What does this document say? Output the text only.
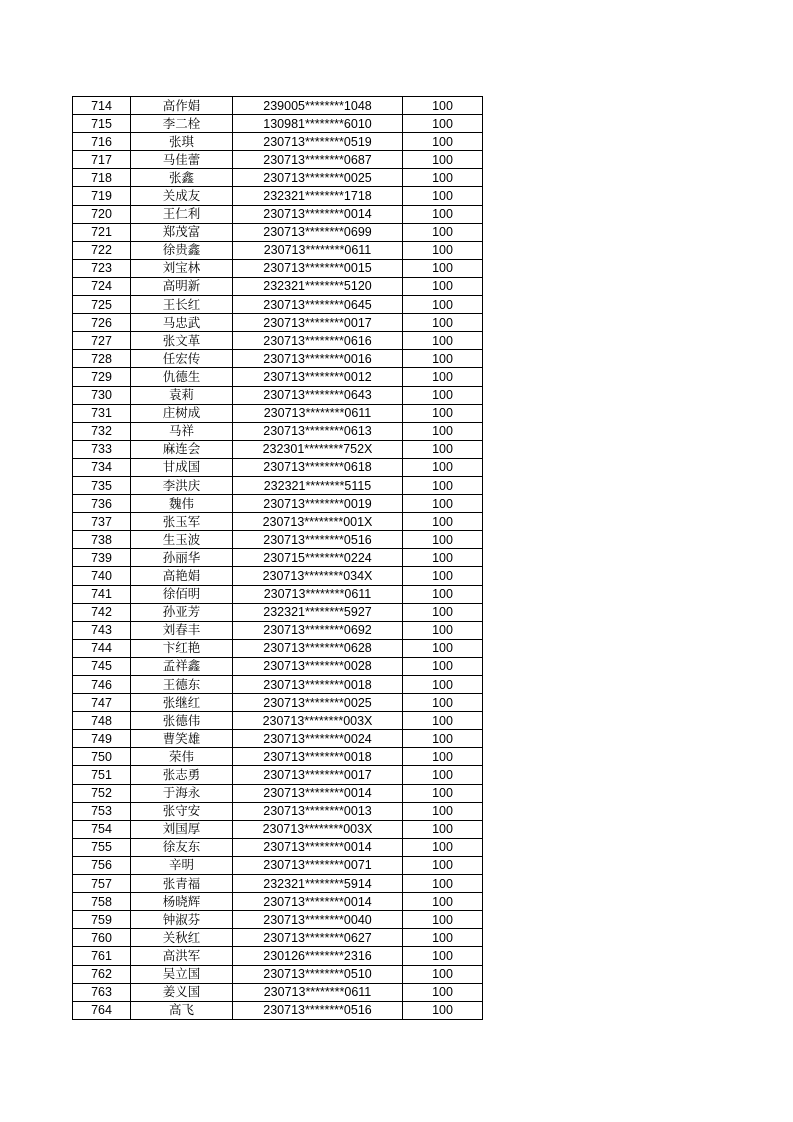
714	高作娟	239005********1048	100
715	李二栓	130981********6010	100
716	张琪	230713********0519	100
717	马佳蕾	230713********0687	100
718	张鑫	230713********0025	100
719	关成友	232321********1718	100
720	王仁利	230713********0014	100
721	郑茂富	230713********0699	100
722	徐贵鑫	230713********0611	100
723	刘宝林	230713********0015	100
724	高明新	232321********5120	100
725	王长红	230713********0645	100
726	马忠武	230713********0017	100
727	张文革	230713********0616	100
728	任宏传	230713********0016	100
729	仇德生	230713********0012	100
730	袁莉	230713********0643	100
731	庄树成	230713********0611	100
732	马祥	230713********0613	100
733	麻连会	232301********752X	100
734	甘成国	230713********0618	100
735	李洪庆	232321********5115	100
736	魏伟	230713********0019	100
737	张玉军	230713********001X	100
738	生玉波	230713********0516	100
739	孙丽华	230715********0224	100
740	高艳娟	230713********034X	100
741	徐佰明	230713********0611	100
742	孙亚芳	232321********5927	100
743	刘春丰	230713********0692	100
744	卞红艳	230713********0628	100
745	孟祥鑫	230713********0028	100
746	王德东	230713********0018	100
747	张继红	230713********0025	100
748	张德伟	230713********003X	100
749	曹笑雄	230713********0024	100
750	荣伟	230713********0018	100
751	张志勇	230713********0017	100
752	于海永	230713********0014	100
753	张守安	230713********0013	100
754	刘国厚	230713********003X	100
755	徐友东	230713********0014	100
756	辛明	230713********0071	100
757	张青福	232321********5914	100
758	杨晓辉	230713********0014	100
759	钟淑芬	230713********0040	100
760	关秋红	230713********0627	100
761	高洪军	230126********2316	100
762	吴立国	230713********0510	100
763	姜义国	230713********0611	100
764	高飞	230713********0516	100
